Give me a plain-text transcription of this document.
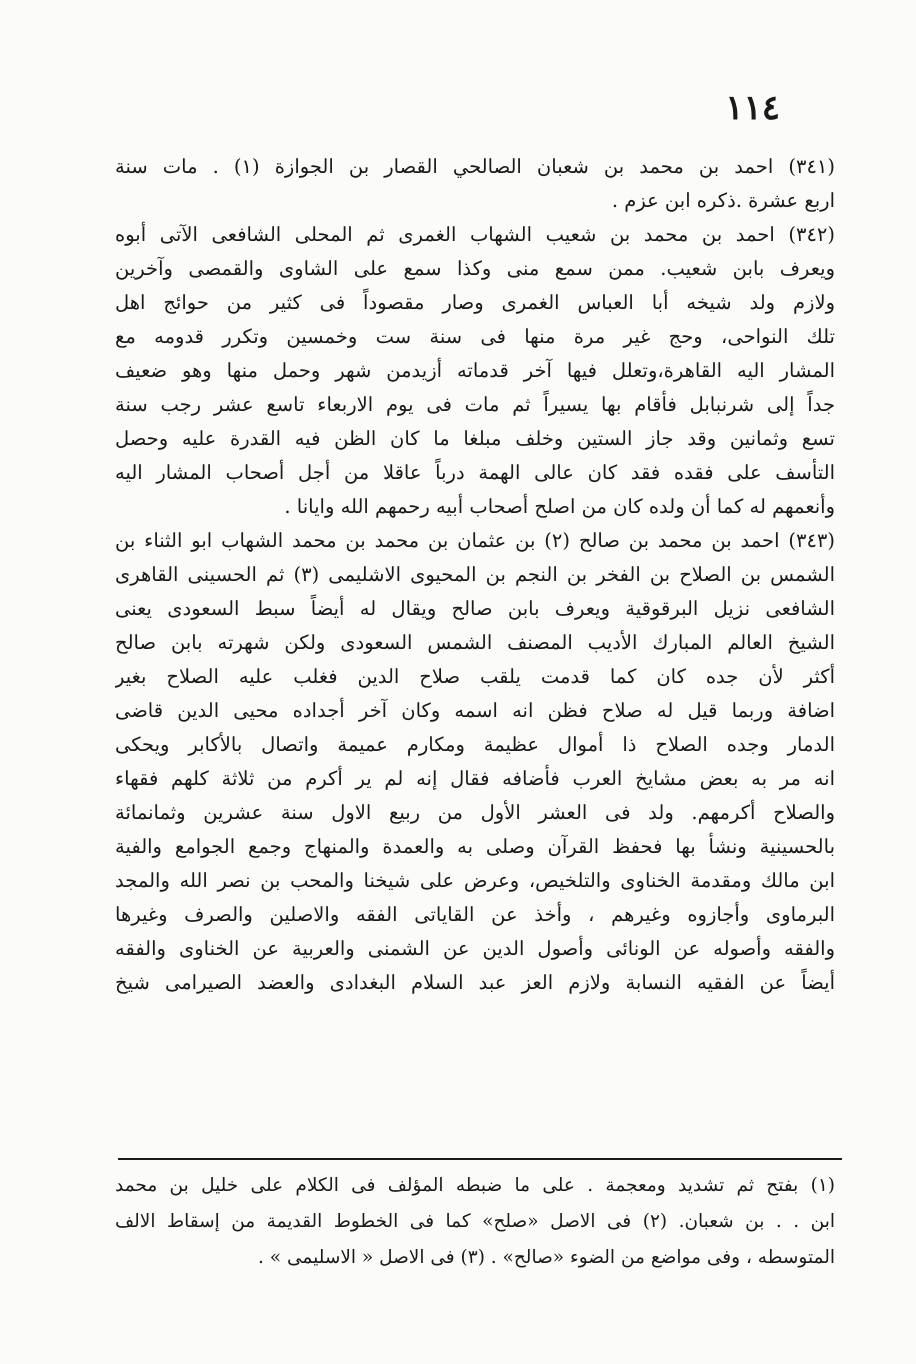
١١٤
(٣٤١) احمد بن محمد بن شعبان الصالحي القصار بن الجوازة (١) . مات سنة
اربع عشرة .ذكره ابن عزم .
(٣٤٢) احمد بن محمد بن شعيب الشهاب الغمرى ثم المحلى الشافعى الآتى أبوه
ويعرف بابن شعيب. ممن سمع منى وكذا سمع على الشاوى والقمصى وآخرين
ولازم ولد شيخه أبا العباس الغمرى وصار مقصوداً فى كثير من حوائج اهل
تلك النواحى، وحج غير مرة منها فى سنة ست وخمسين وتكرر قدومه مع
المشار اليه القاهرة،وتعلل فيها آخر قدماته أزيدمن شهر وحمل منها وهو ضعيف
جداً إلى شرنبابل فأقام بها يسيراً ثم مات فى يوم الاربعاء تاسع عشر رجب سنة
تسع وثمانين وقد جاز الستين وخلف مبلغا ما كان الظن فيه القدرة عليه وحصل
التأسف على فقده فقد كان عالى الهمة درباً عاقلا من أجل أصحاب المشار اليه
وأنعمهم له كما أن ولده كان من اصلح أصحاب أبيه رحمهم الله وايانا .
(٣٤٣) احمد بن محمد بن صالح (٢) بن عثمان بن محمد بن محمد الشهاب ابو الثناء بن
الشمس بن الصلاح بن الفخر بن النجم بن المحيوى الاشليمى (٣) ثم الحسينى القاهرى
الشافعى نزيل البرقوقية ويعرف بابن صالح ويقال له أيضاً سبط السعودى يعنى
الشيخ العالم المبارك الأديب المصنف الشمس السعودى ولكن شهرته بابن صالح
أكثر لأن جده كان كما قدمت يلقب صلاح الدين فغلب عليه الصلاح بغير
اضافة وربما قيل له صلاح فظن انه اسمه وكان آخر أجداده محيى الدين قاضى
الدمار وجده الصلاح ذا أموال عظيمة ومكارم عميمة واتصال بالأكابر ويحكى
انه مر به بعض مشايخ العرب فأضافه فقال إنه لم ير أكرم من ثلاثة كلهم فقهاء
والصلاح أكرمهم. ولد فى العشر الأول من ربيع الاول سنة عشرين وثمانمائة
بالحسينية ونشأ بها فحفظ القرآن وصلى به والعمدة والمنهاج وجمع الجوامع والفية
ابن مالك ومقدمة الخناوى والتلخيص، وعرض على شيخنا والمحب بن نصر الله والمجد
البرماوى وأجازوه وغيرهم ، وأخذ عن القاياتى الفقه والاصلين والصرف وغيرها
والفقه وأصوله عن الونائى وأصول الدين عن الشمنى والعربية عن الخناوى والفقه
أيضاً عن الفقيه النسابة ولازم العز عبد السلام البغدادى والعضد الصيرامى شيخ
(١) بفتح ثم تشديد ومعجمة . على ما ضبطه المؤلف فى الكلام على خليل بن محمد
ابن . . بن شعبان. (٢) فى الاصل «صلح» كما فى الخطوط القديمة من إسقاط الالف
المتوسطه ، وفى مواضع من الضوء «صالح» . (٣) فى الاصل « الاسليمى » .
